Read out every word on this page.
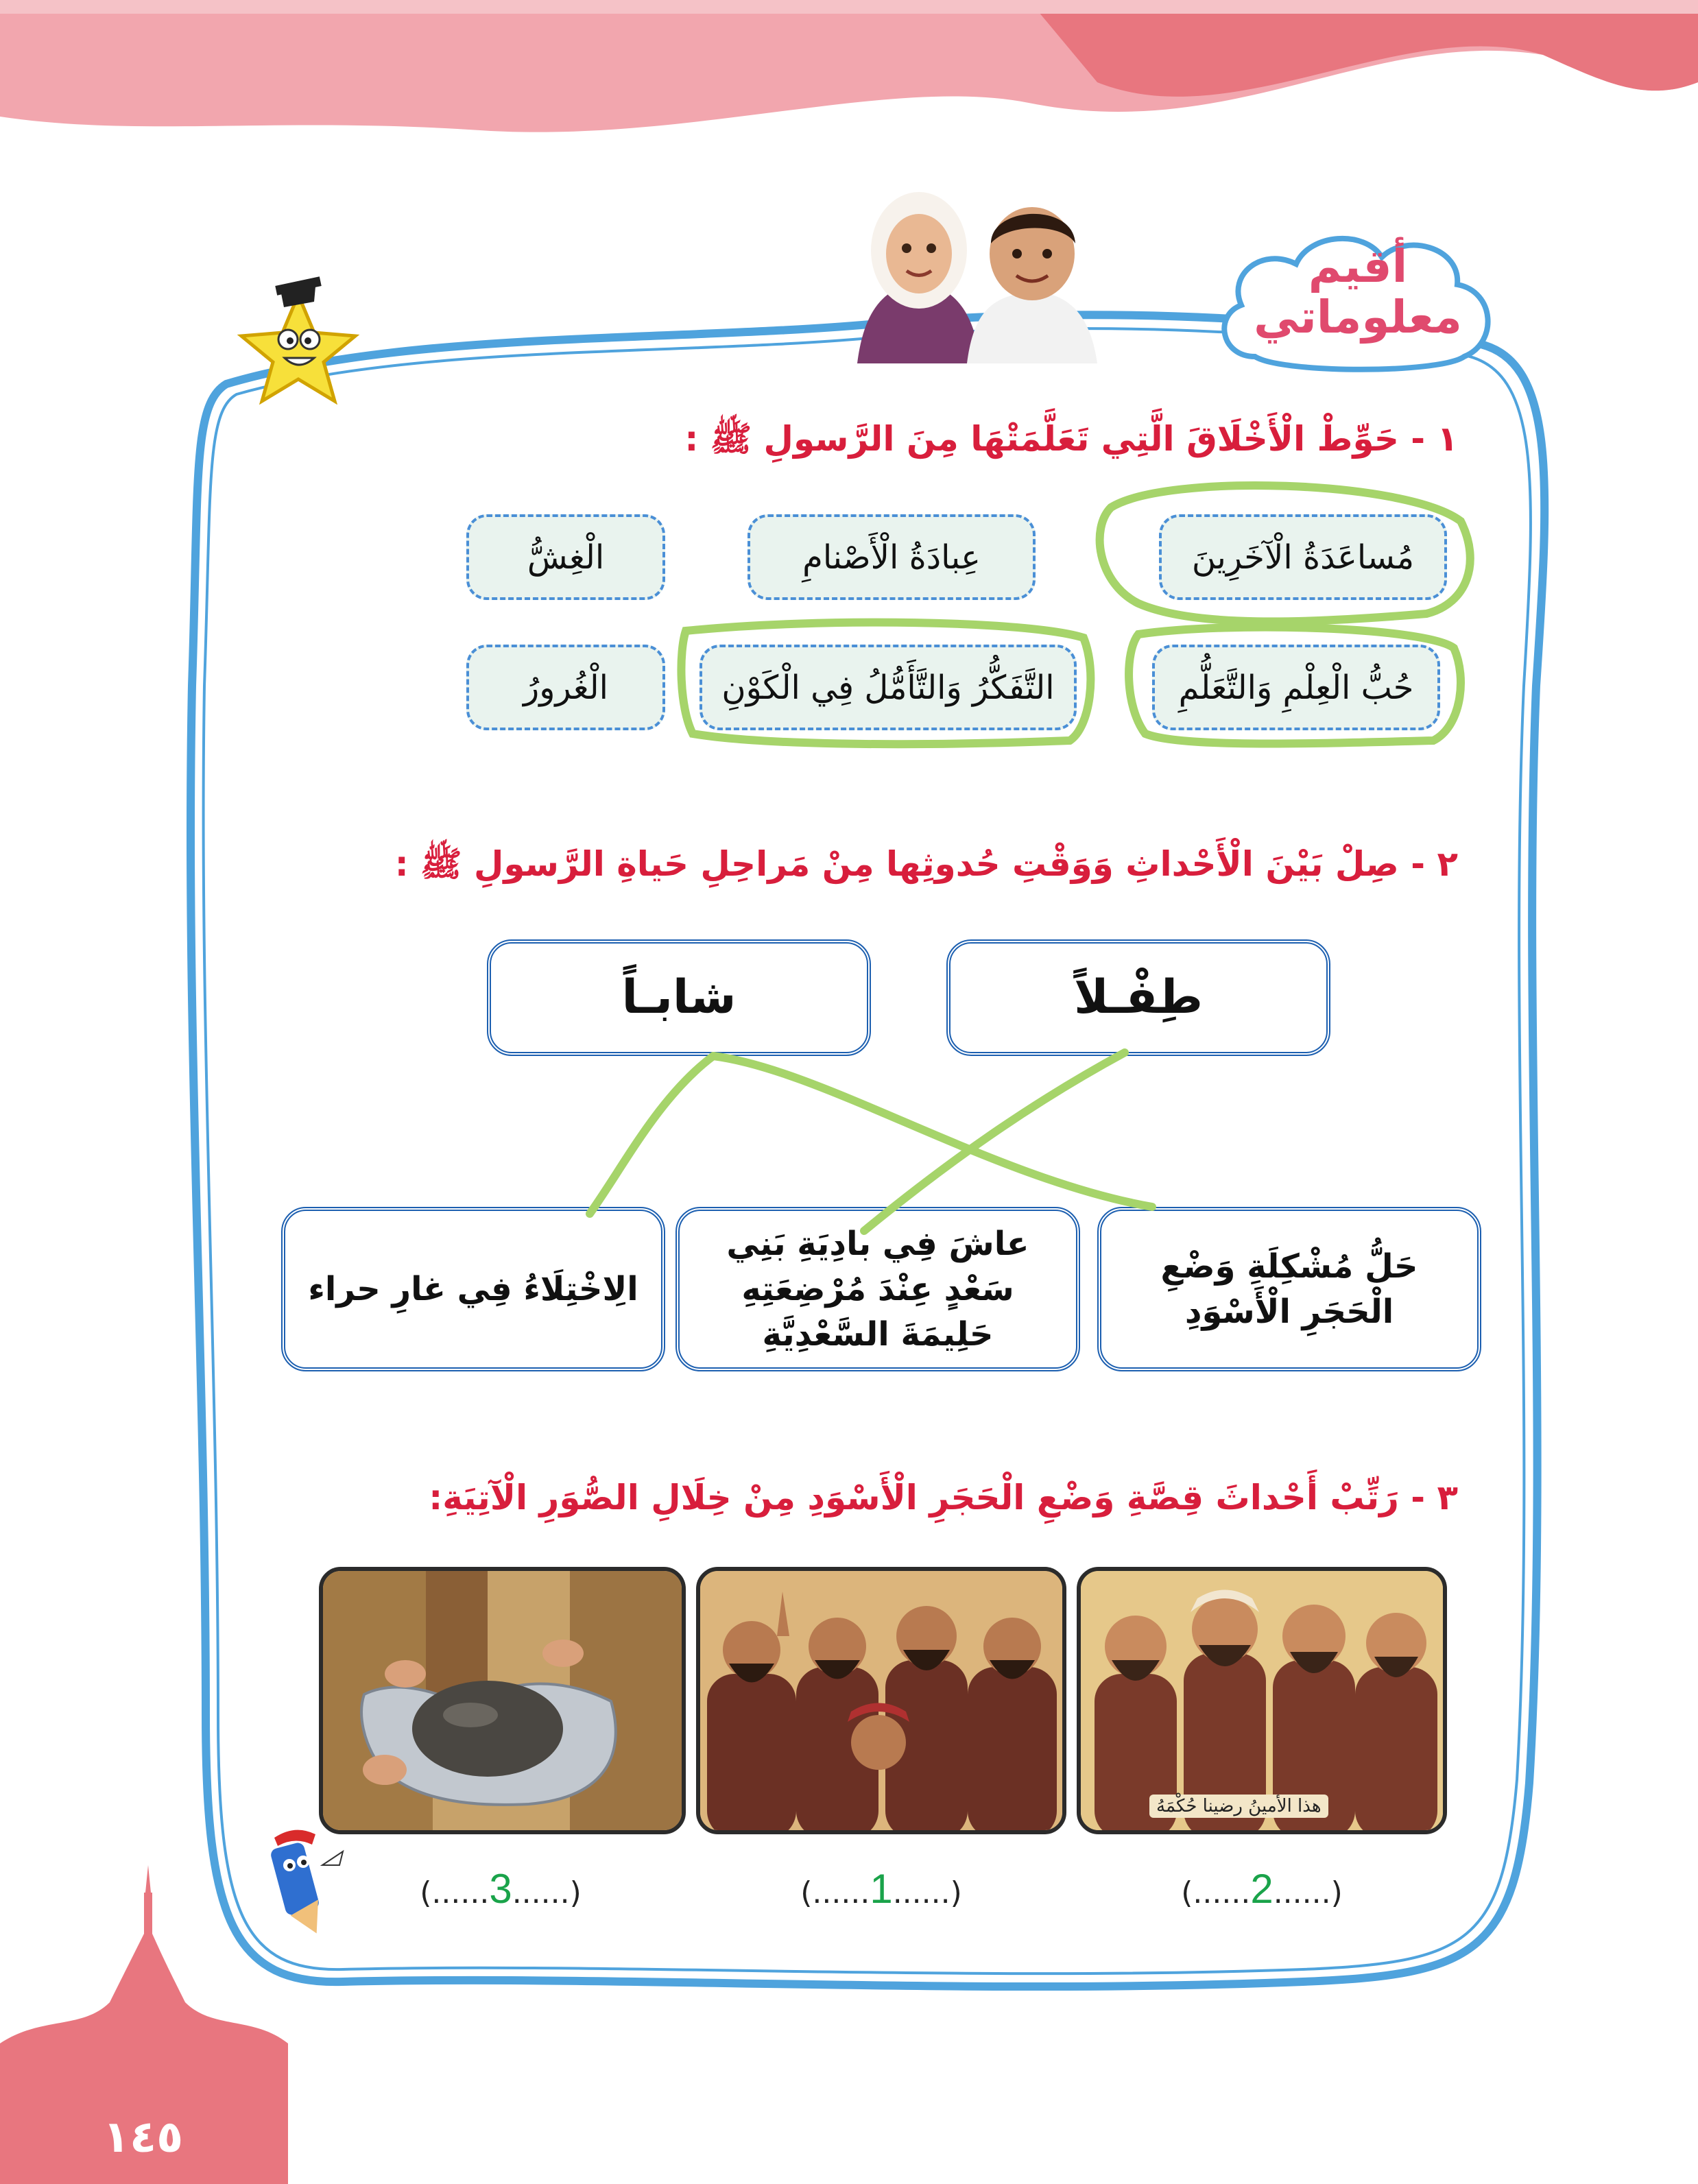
أقيم
معلوماتي
١ - حَوِّطْ الْأَخْلَاقَ الَّتِي تَعَلَّمَتْهَا مِنَ الرَّسولِ ﷺ :
مُساعَدَةُ الْآخَرِينَ
عِبادَةُ الْأَصْنامِ
الْغِشُّ
حُبُّ الْعِلْمِ وَالتَّعَلُّمِ
التَّفَكُّرُ وَالتَّأَمُّلُ فِي الْكَوْنِ
الْغُرورُ
٢ - صِلْ بَيْنَ الْأَحْداثِ وَوَقْتِ حُدوثِها مِنْ مَراحِلِ حَياةِ الرَّسولِ ﷺ :
طِفْـلاً
شابـاً
حَلُّ مُشْكِلَةِ وَضْعِ الْحَجَرِ الْأَسْوَدِ
عاشَ فِي بادِيَةِ بَنِي سَعْدٍ عِنْدَ مُرْضِعَتِهِ حَلِيمَةَ السَّعْدِيَّةِ
الِاخْتِلَاءُ فِي غارِ حراء
٣ - رَتِّبْ أَحْداثَ قِصَّةِ وَضْعِ الْحَجَرِ الْأَسْوَدِ مِنْ خِلَالِ الصُّوَرِ الْآتِيَةِ:
هذا الأمينُ رضينا حُكْمَهُ
(......2......)
(......1......)
(......3......)
١٤٥
